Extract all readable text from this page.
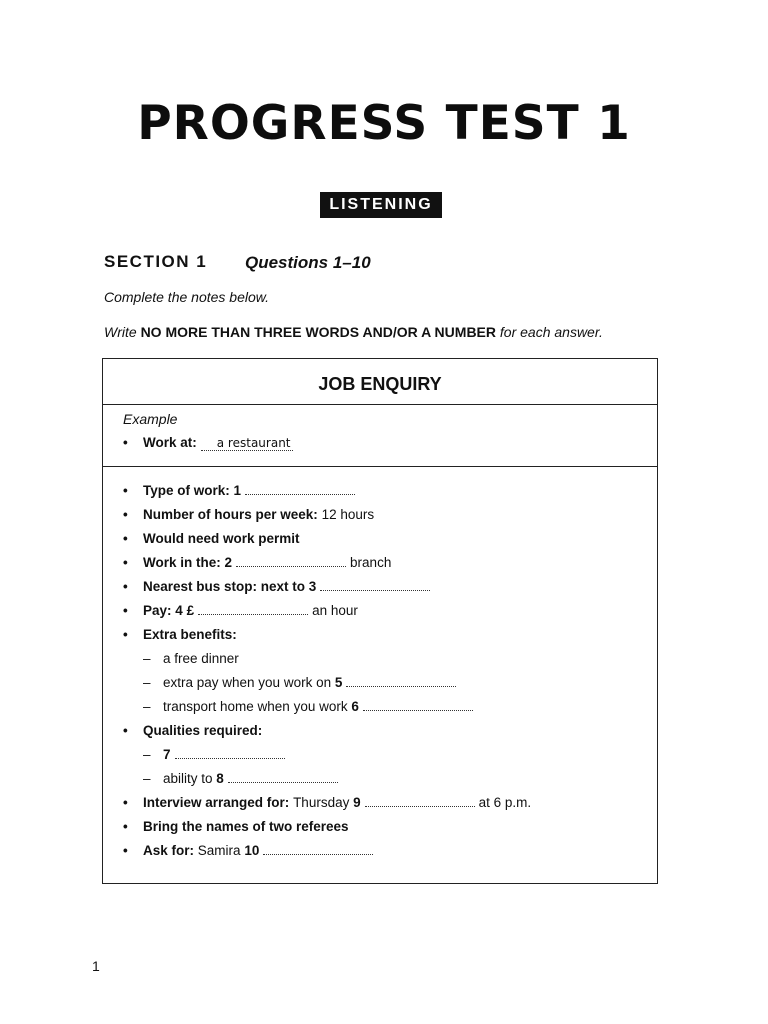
PROGRESS TEST 1
LISTENING
SECTION 1 Questions 1–10
Complete the notes below.
Write NO MORE THAN THREE WORDS AND/OR A NUMBER for each answer.
JOB ENQUIRY
Example
•	Work at:	a restaurant
•	Type of work:
1
•	Number of hours per week:
12 hours
•	Would need work permit
•	Work in the:
2	branch
•	Nearest bus stop: next to
3
•	Pay:
4
£	an hour
•	Extra benefits:
– a free dinner
– extra pay when you work on
5
– transport home when you work
6
•	Qualities required:
– 7
– ability to
8
•	Interview arranged for:
Thursday
9	at 6 p.m.
•	Bring the names of two referees
•	Ask for:
Samira
10
1
